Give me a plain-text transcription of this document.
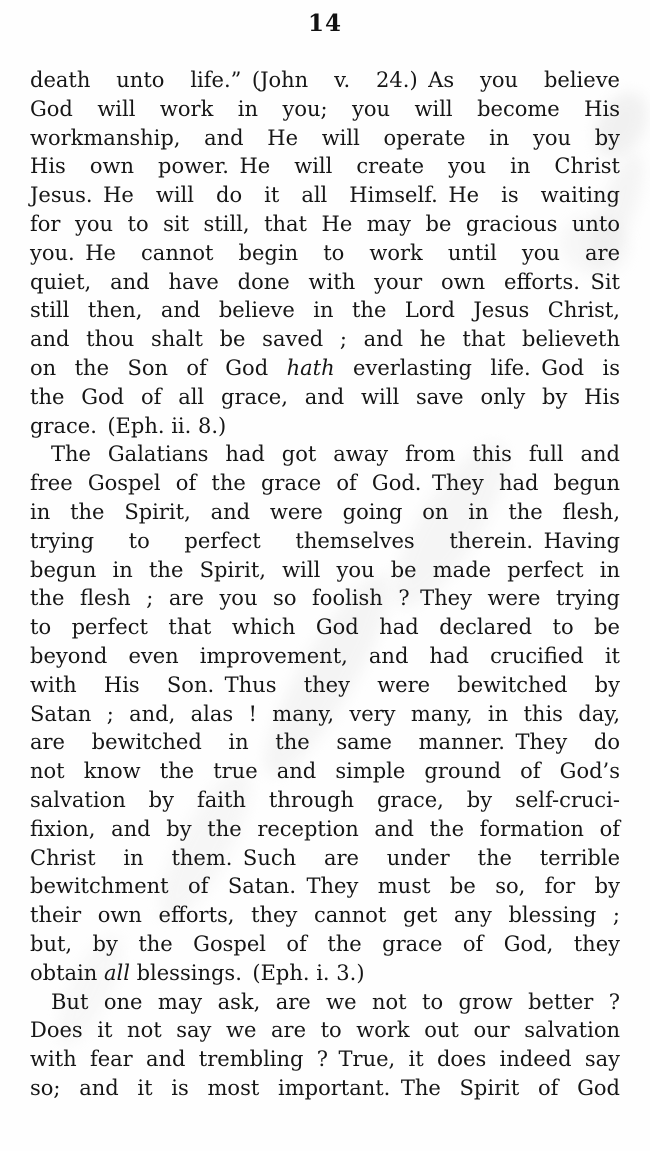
14
death unto life.” (John v. 24.) As you believe
God will work in you; you will become His
workmanship, and He will operate in you by
His own power. He will create you in Christ
Jesus. He will do it all Himself. He is waiting
for you to sit still, that He may be gracious unto
you. He cannot begin to work until you are
quiet, and have done with your own efforts. Sit
still then, and believe in the Lord Jesus Christ,
and thou shalt be saved ; and he that believeth
on the Son of God hath everlasting life. God is
the God of all grace, and will save only by His
grace. (Eph. ii. 8.)
The Galatians had got away from this full and
free Gospel of the grace of God. They had begun
in the Spirit, and were going on in the flesh,
trying to perfect themselves therein. Having
begun in the Spirit, will you be made perfect in
the flesh ; are you so foolish ? They were trying
to perfect that which God had declared to be
beyond even improvement, and had crucified it
with His Son. Thus they were bewitched by
Satan ; and, alas ! many, very many, in this day,
are bewitched in the same manner. They do
not know the true and simple ground of God’s
salvation by faith through grace, by self-cruci-
fixion, and by the reception and the formation of
Christ in them. Such are under the terrible
bewitchment of Satan. They must be so, for by
their own efforts, they cannot get any blessing ;
but, by the Gospel of the grace of God, they
obtain all blessings. (Eph. i. 3.)
But one may ask, are we not to grow better ?
Does it not say we are to work out our salvation
with fear and trembling ? True, it does indeed say
so; and it is most important. The Spirit of God
